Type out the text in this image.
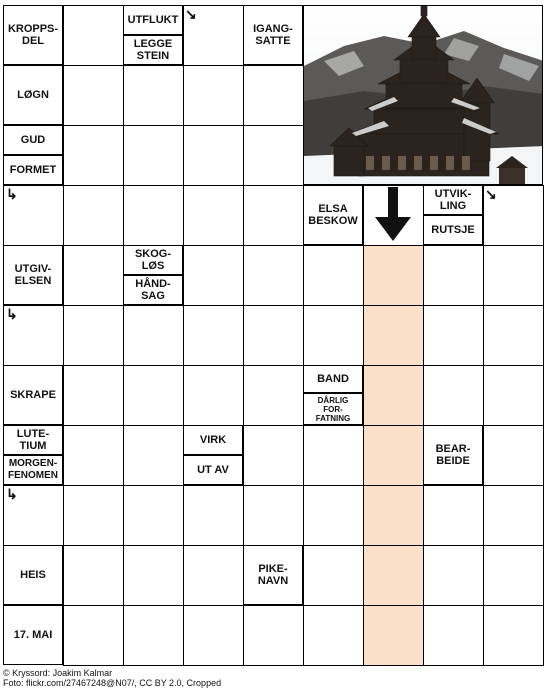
KROPPS-
DEL
UTFLUKT
LEGGE
STEIN
↘
IGANG-
SATTE
LØGN
GUD
FORMET
↳
ELSA
BESKOW
UTVIK-
LING
RUTSJE
↘
UTGIV-
ELSEN
SKOG-
LØS
HÅND-
SAG
↳
SKRAPE
BAND
DÅRLIG
FOR-
FATNING
LUTE-
TIUM
MORGEN-
FENOMEN
VIRK
UT AV
BEAR-
BEIDE
↳
HEIS	PIKE-
NAVN
17. MAI
© Kryssord: Joakim Kalmar
Foto: flickr.com/27467248@N07/, CC BY 2.0, Cropped
